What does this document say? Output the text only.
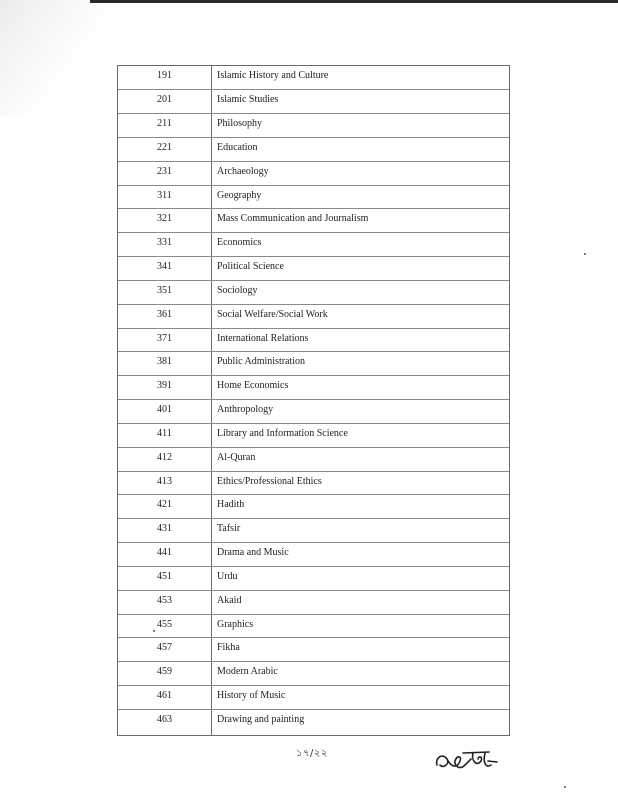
191	Islamic History and Culture
201	Islamic Studies
211	Philosophy
221	Education
231	Archaeology
311	Geography
321	Mass Communication and Journalism
331	Economics
341	Political Science
351	Sociology
361	Social Welfare/Social Work
371	International Relations
381	Public Administration
391	Home Economics
401	Anthropology
411	Library and Information Science
412	Al-Quran
413	Ethics/Professional Ethics
421	Hadith
431	Tafsir
441	Drama and Music
451	Urdu
453	Akaid
455	Graphics
457	Fikha
459	Modern Arabic
461	History of Music
463	Drawing and painting
১৭/২২
